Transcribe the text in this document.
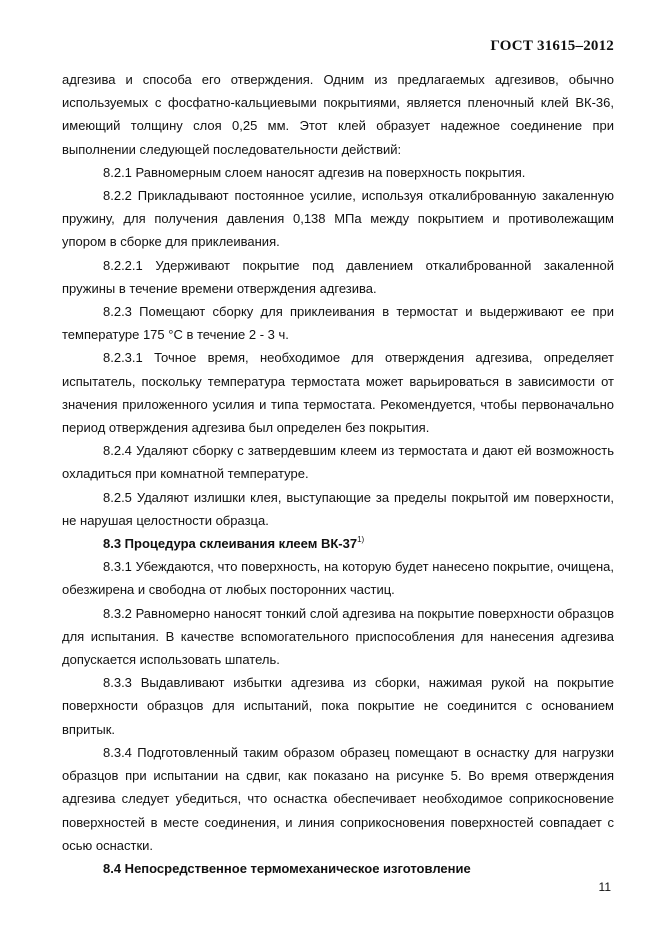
ГОСТ 31615–2012

адгезива и способа его отверждения. Одним из предлагаемых адгезивов, обычно используемых с фосфатно-кальциевыми покрытиями, является пленочный клей ВК-36, имеющий толщину слоя 0,25 мм. Этот клей образует надежное соединение при выполнении следующей последовательности действий:

8.2.1 Равномерным слоем наносят адгезив на поверхность покрытия.

8.2.2 Прикладывают постоянное усилие, используя откалиброванную закаленную пружину, для получения давления 0,138 МПа между покрытием и противолежащим упором в сборке для приклеивания.

8.2.2.1 Удерживают покрытие под давлением откалиброванной закаленной пружины в течение времени отверждения адгезива.

8.2.3 Помещают сборку для приклеивания в термостат и выдерживают ее при температуре 175 °С в течение 2 - 3 ч.

8.2.3.1 Точное время, необходимое для отверждения адгезива, определяет испытатель, поскольку температура термостата может варьироваться в зависимости от значения приложенного усилия и типа термостата. Рекомендуется, чтобы первоначально период отверждения адгезива был определен без покрытия.

8.2.4 Удаляют сборку с затвердевшим клеем из термостата и дают ей возможность охладиться при комнатной температуре.

8.2.5 Удаляют излишки клея, выступающие за пределы покрытой им поверхности, не нарушая целостности образца.

8.3 Процедура склеивания клеем ВК-37$^{1)}$

8.3.1 Убеждаются, что поверхность, на которую будет нанесено покрытие, очищена, обезжирена и свободна от любых посторонних частиц.

8.3.2 Равномерно наносят тонкий слой адгезива на покрытие поверхности образцов для испытания. В качестве вспомогательного приспособления для нанесения адгезива допускается использовать шпатель.

8.3.3 Выдавливают избытки адгезива из сборки, нажимая рукой на покрытие поверхности образцов для испытаний, пока покрытие не соединится с основанием впритык.

8.3.4 Подготовленный таким образом образец помещают в оснастку для нагрузки образцов при испытании на сдвиг, как показано на рисунке 5. Во время отверждения адгезива следует убедиться, что оснастка обеспечивает необходимое соприкосновение поверхностей в месте соединения, и линия соприкосновения поверхностей совпадает с осью оснастки.

8.4 Непосредственное термомеханическое изготовление

11
